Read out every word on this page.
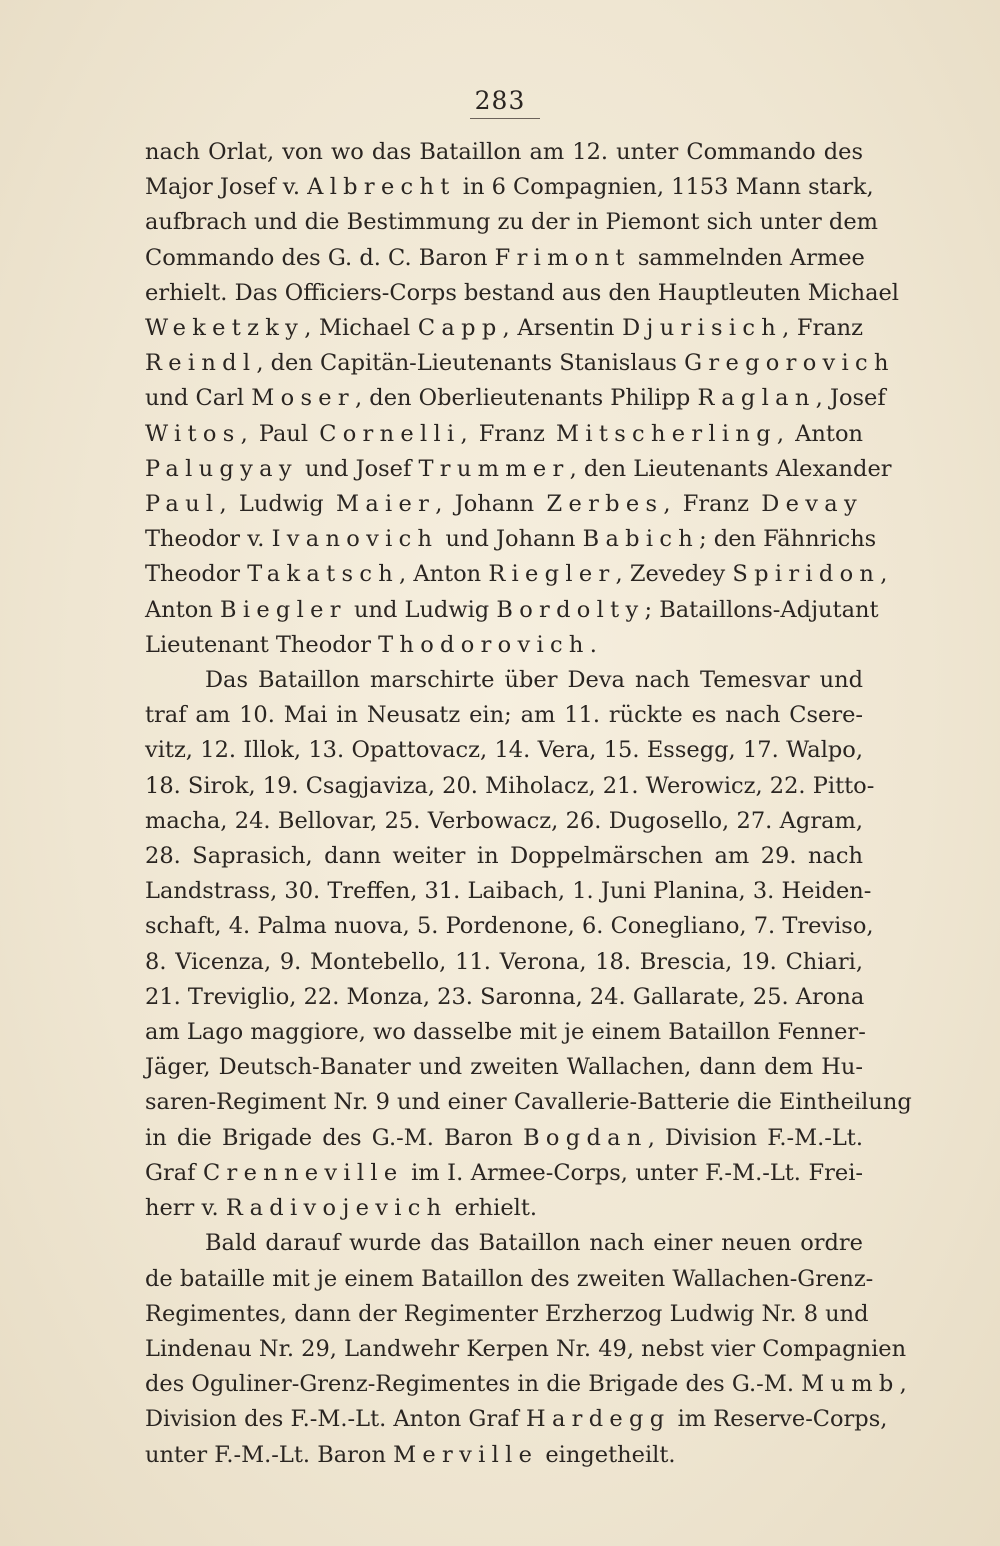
283
nach Orlat, von wo das Bataillon am 12. unter Commando des
Major Josef v. Albrecht in 6 Compagnien, 1153 Mann stark,
aufbrach und die Bestimmung zu der in Piemont sich unter dem
Commando des G. d. C. Baron Frimont sammelnden Armee
erhielt. Das Officiers-Corps bestand aus den Hauptleuten Michael
Weketzky, Michael Capp, Arsentin Djurisich, Franz
Reindl, den Capitän-Lieutenants Stanislaus Gregorovich
und Carl Moser, den Oberlieutenants Philipp Raglan, Josef
Witos, Paul Cornelli, Franz Mitscherling, Anton
Palugyay und Josef Trummer, den Lieutenants Alexander
Paul, Ludwig Maier, Johann Zerbes, Franz Devay
Theodor v. Ivanovich und Johann Babich; den Fähnrichs
Theodor Takatsch, Anton Riegler, Zevedey Spiridon,
Anton Biegler und Ludwig Bordolty; Bataillons-Adjutant
Lieutenant Theodor Thodorovich.
Das Bataillon marschirte über Deva nach Temesvar und
traf am 10. Mai in Neusatz ein; am 11. rückte es nach Csere-
vitz, 12. Illok, 13. Opattovacz, 14. Vera, 15. Essegg, 17. Walpo,
18. Sirok, 19. Csagjaviza, 20. Miholacz, 21. Werowicz, 22. Pitto-
macha, 24. Bellovar, 25. Verbowacz, 26. Dugosello, 27. Agram,
28. Saprasich, dann weiter in Doppelmärschen am 29. nach
Landstrass, 30. Treffen, 31. Laibach, 1. Juni Planina, 3. Heiden-
schaft, 4. Palma nuova, 5. Pordenone, 6. Conegliano, 7. Treviso,
8. Vicenza, 9. Montebello, 11. Verona, 18. Brescia, 19. Chiari,
21. Treviglio, 22. Monza, 23. Saronna, 24. Gallarate, 25. Arona
am Lago maggiore, wo dasselbe mit je einem Bataillon Fenner-
Jäger, Deutsch-Banater und zweiten Wallachen, dann dem Hu-
saren-Regiment Nr. 9 und einer Cavallerie-Batterie die Eintheilung
in die Brigade des G.-M. Baron Bogdan, Division F.-M.-Lt.
Graf Crenneville im I. Armee-Corps, unter F.-M.-Lt. Frei-
herr v. Radivojevich erhielt.
Bald darauf wurde das Bataillon nach einer neuen ordre
de bataille mit je einem Bataillon des zweiten Wallachen-Grenz-
Regimentes, dann der Regimenter Erzherzog Ludwig Nr. 8 und
Lindenau Nr. 29, Landwehr Kerpen Nr. 49, nebst vier Compagnien
des Oguliner-Grenz-Regimentes in die Brigade des G.-M. Mumb,
Division des F.-M.-Lt. Anton Graf Hardegg im Reserve-Corps,
unter F.-M.-Lt. Baron Merville eingetheilt.
